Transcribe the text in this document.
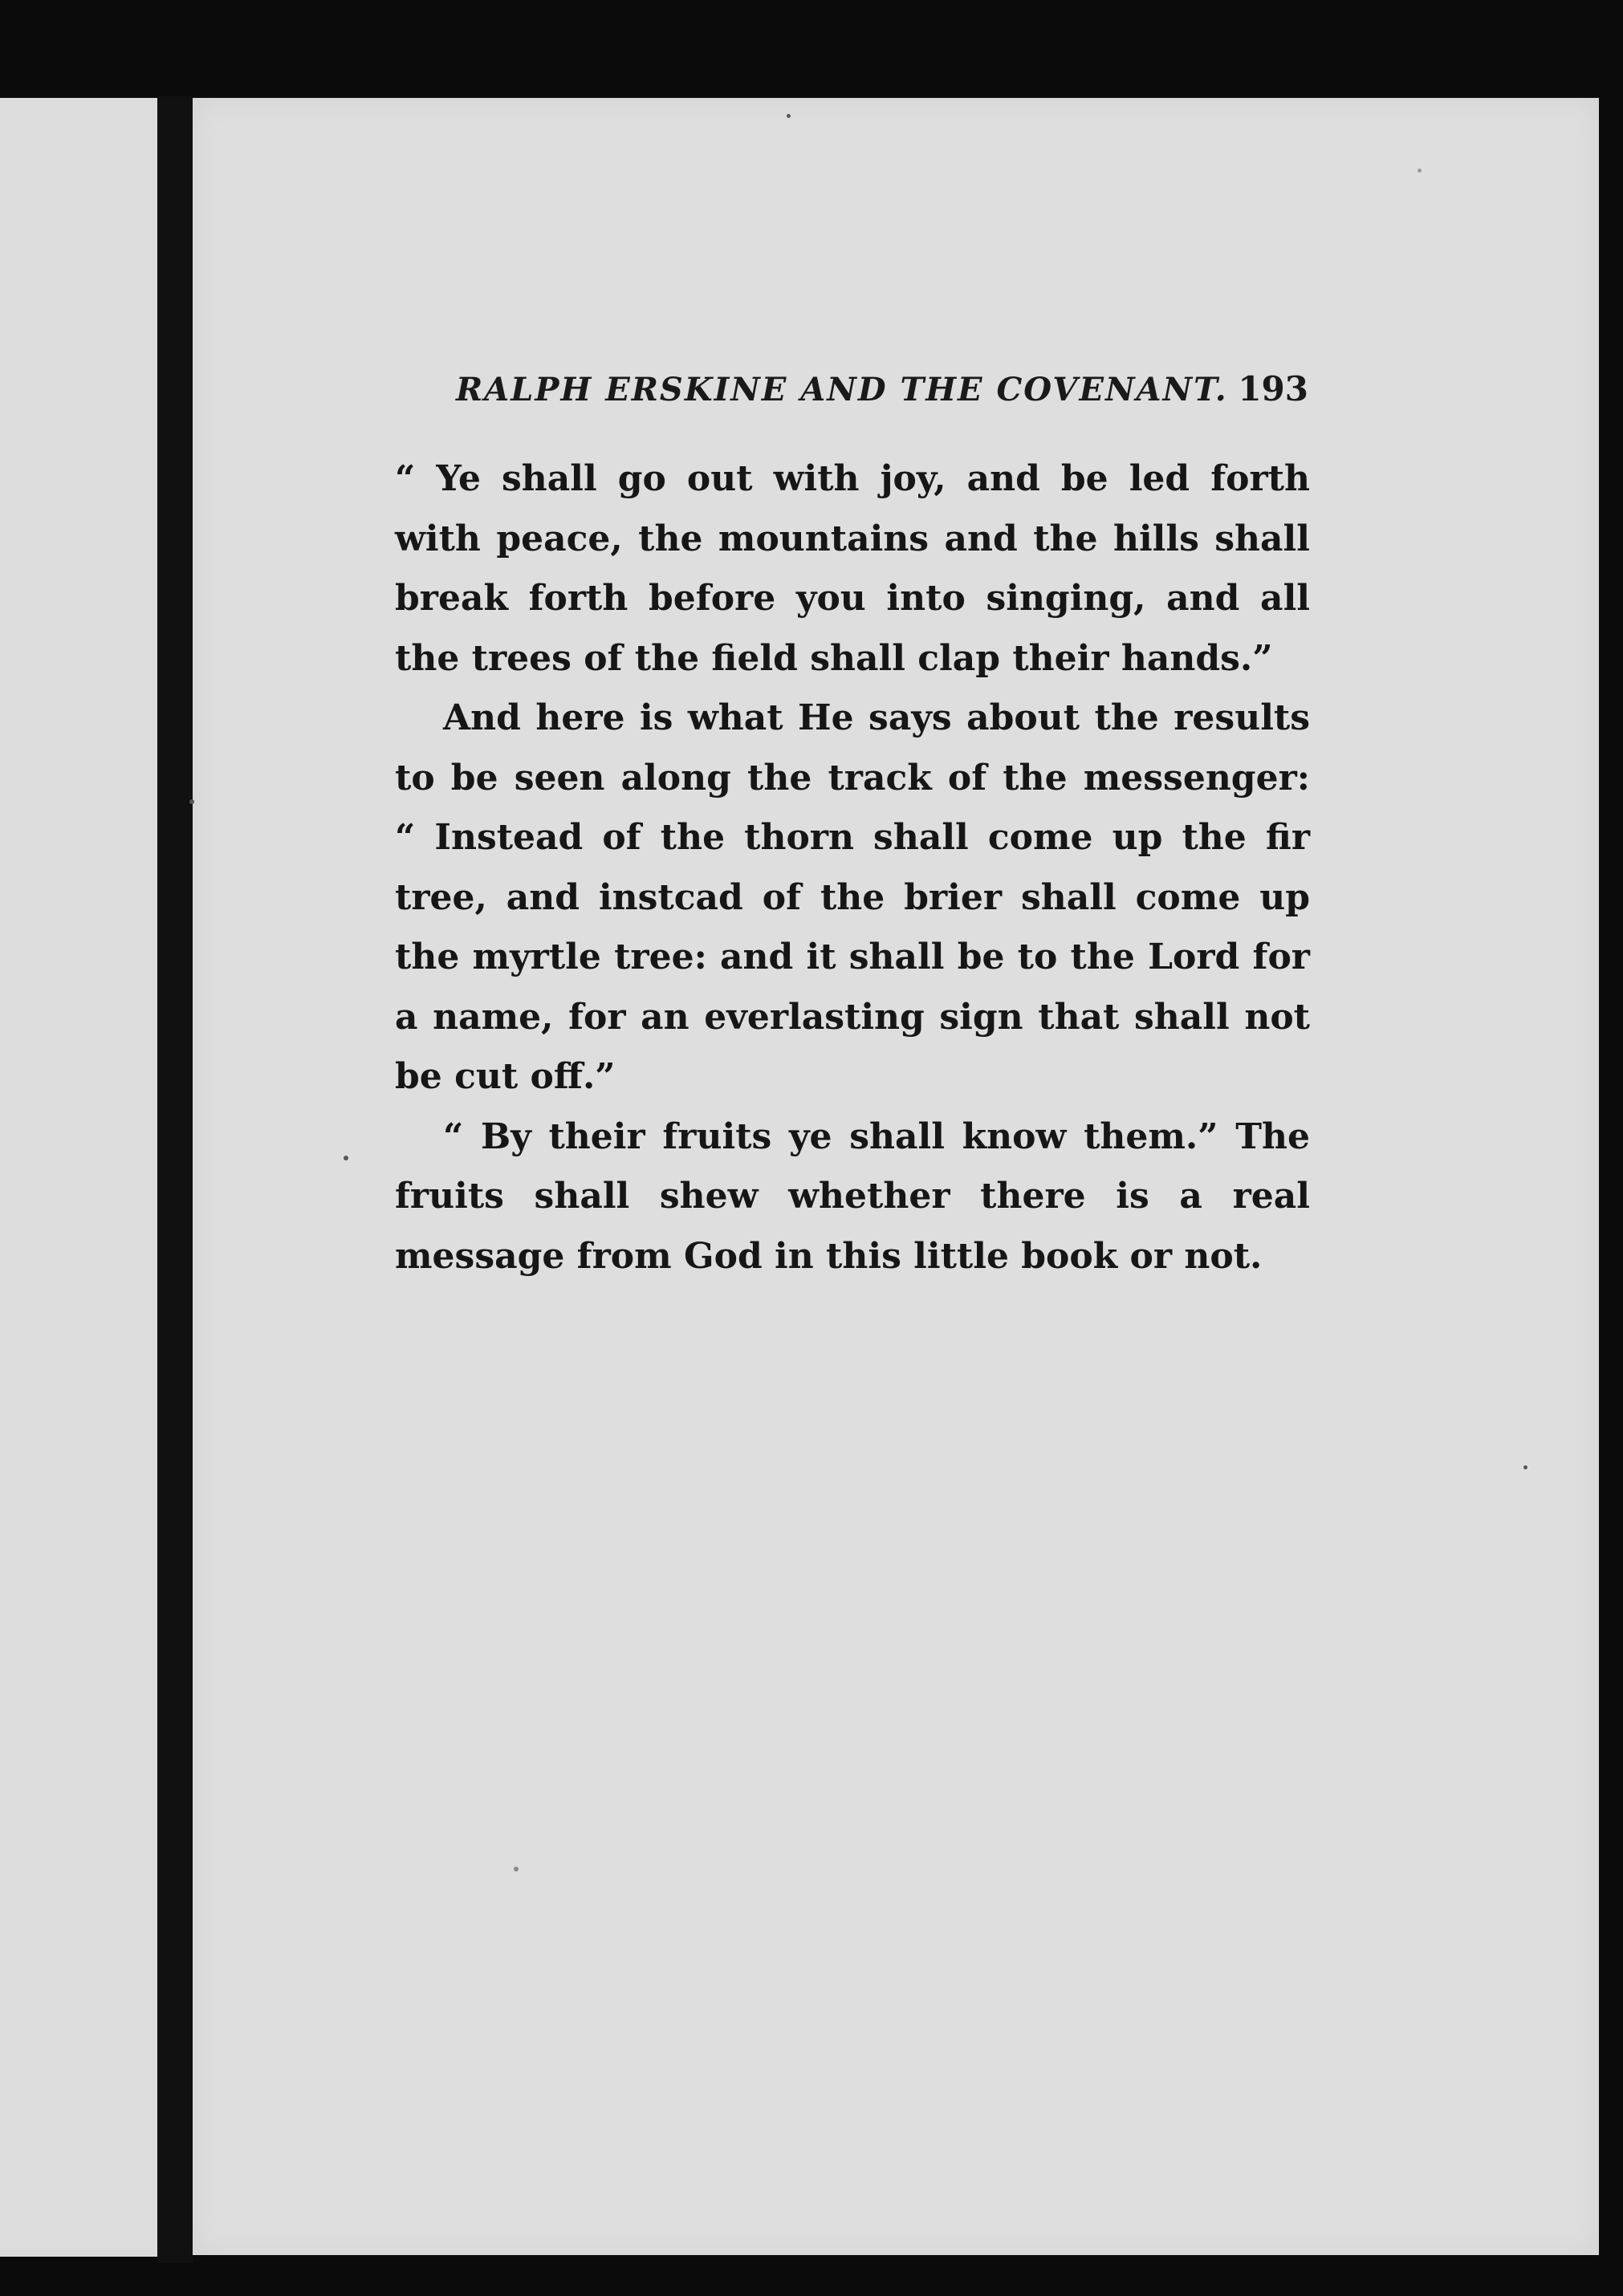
RALPH ERSKINE AND THE COVENANT. 193

“ Ye shall go out with joy, and be led forth with peace, the mountains and the hills shall break forth before you into singing, and all the trees of the field shall clap their hands.”

And here is what He says about the results to be seen along the track of the messenger: “ Instead of the thorn shall come up the fir tree, and instcad of the brier shall come up the myrtle tree: and it shall be to the Lord for a name, for an everlasting sign that shall not be cut off.”

“ By their fruits ye shall know them.” The fruits shall shew whether there is a real message from God in this little book or not.
